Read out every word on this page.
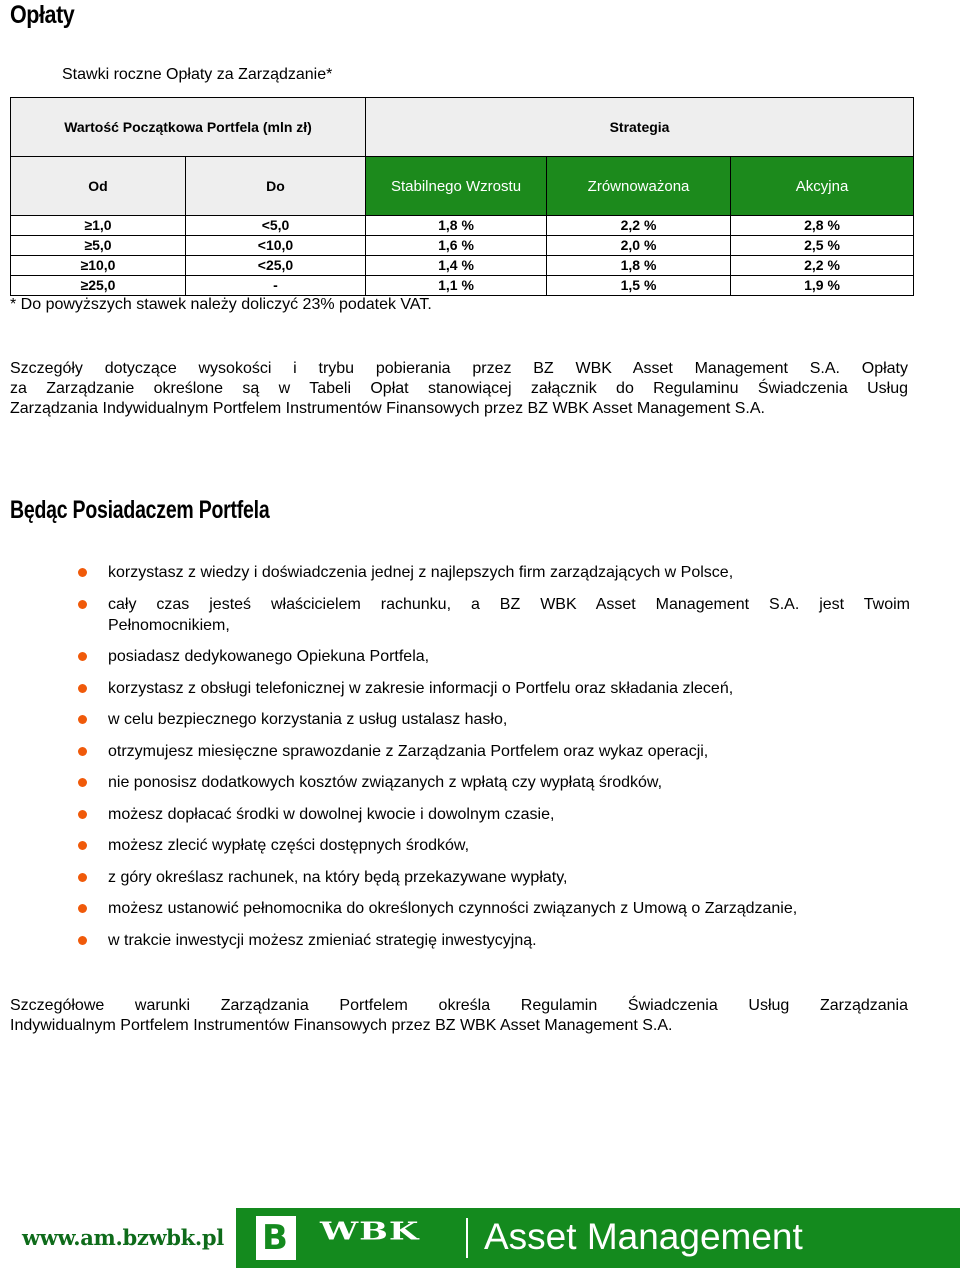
Opłaty
Stawki roczne Opłaty za Zarządzanie*
Wartość Początkowa Portfela (mln zł)		Strategia		
Od	Do	Stabilnego Wzrostu	Zrównoważona	Akcyjna
≥1,0	<5,0	1,8 %	2,2 %	2,8 %
≥5,0	<10,0	1,6 %	2,0 %	2,5 %
≥10,0	<25,0	1,4 %	1,8 %	2,2 %
≥25,0	-	1,1 %	1,5 %	1,9 %
* Do powyższych stawek należy doliczyć 23% podatek VAT.
Szczegóły dotyczące wysokości i trybu pobierania przez BZ WBK Asset Management S.A. Opłaty
za Zarządzanie określone są w Tabeli Opłat stanowiącej załącznik do Regulaminu Świadczenia Usług
Zarządzania Indywidualnym Portfelem Instrumentów Finansowych przez BZ WBK Asset Management S.A.
Będąc Posiadaczem Portfela
korzystasz z wiedzy i doświadczenia jednej z najlepszych firm zarządzających w Polsce,
cały czas jesteś właścicielem rachunku, a BZ WBK Asset Management S.A. jest Twoim
Pełnomocnikiem,
posiadasz dedykowanego Opiekuna Portfela,
korzystasz z obsługi telefonicznej w zakresie informacji o Portfelu oraz składania zleceń,
w celu bezpiecznego korzystania z usług ustalasz hasło,
otrzymujesz miesięczne sprawozdanie z Zarządzania Portfelem oraz wykaz operacji,
nie ponosisz dodatkowych kosztów związanych z wpłatą czy wypłatą środków,
możesz dopłacać środki w dowolnej kwocie i dowolnym czasie,
możesz zlecić wypłatę części dostępnych środków,
z góry określasz rachunek, na który będą przekazywane wypłaty,
możesz ustanowić pełnomocnika do określonych czynności związanych z Umową o Zarządzanie,
w trakcie inwestycji możesz zmieniać strategię inwestycyjną.
Szczegółowe warunki Zarządzania Portfelem określa Regulamin Świadczenia Usług Zarządzania
Indywidualnym Portfelem Instrumentów Finansowych przez BZ WBK Asset Management S.A.
www.am.bzwbk.pl B WBK Asset Management
